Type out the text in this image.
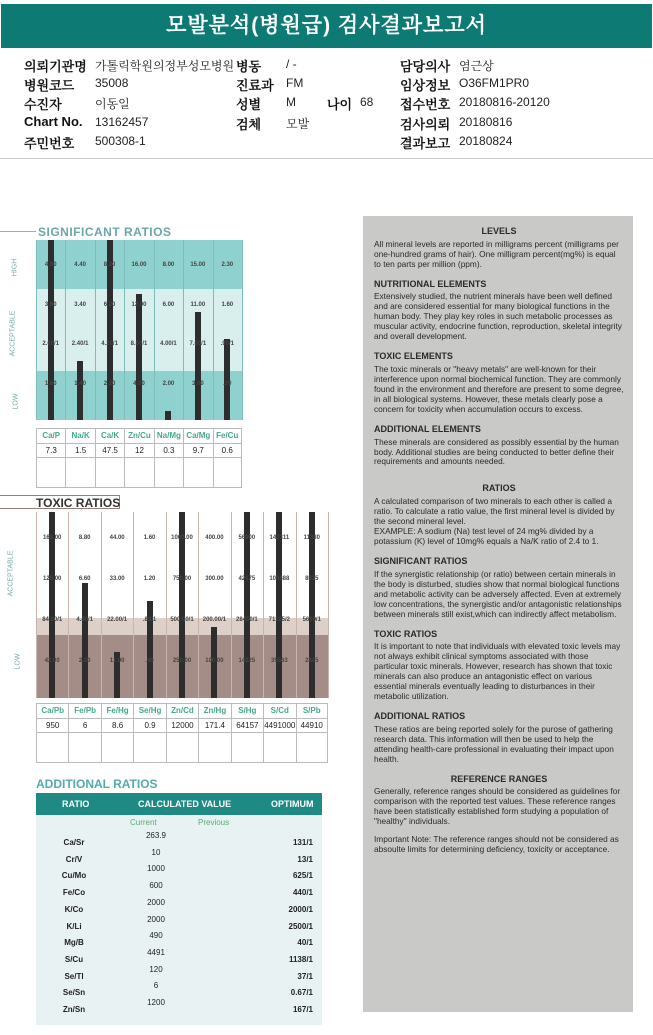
모발분석(병원급) 검사결과보고서
의뢰기관명 가톨릭학원의정부성모병원 병동 / -	담당의사 염근상
병원코드 35008	진료과 FM	임상정보 O36FM1PR0
수진자	이동일	성별 M 나이 68 접수번호 20180816-20120
Chart No. 13162457	검체 모발	검사의뢰 20180816
주민번호 500308-1	결과보고 20180824
SIGNIFICANT RATIOS
HIGH
ACCEPTABLE
LOW
4.60
3.60
2.60/1
1.60
4.40
3.40
2.40/1
1.40
8.20
6.20
4.20/1
2.20
16.00
12.00
8.00/1
4.00
8.00
6.00
4.00/1
2.00
15.00
11.00
7.00/1
3.00
2.30
1.60
.90/1
.20
Ca/P	Na/K	Ca/K	Zn/Cu Na/Mg Ca/Mg Fe/Cu
7.3	1.5	47.5	12	0.3	9.7	0.6
TOXIC RATIOS
ACCEPTABLE
LOW
168.00
126.00
84.00/1
42.00
8.80
6.60
4.40/1
2.20
44.00
33.00
22.00/1
11.00
1.60
1.20
.80/1
.40
1000.00
750.00
500.00/1
250.00
400.00
300.00
200.00/1
100.00
56900
42675
28450/1
14225
142311
106688
71125/2
35563
11380
8535
5690/1
2845
Ca/Pb	Fe/Pb	Fe/Hg	Se/Hg	Zn/Cd	Zn/Hg	S/Hg	S/Cd	S/Pb
950	6	8.6	0.9	12000	171.4	64157 4491000 44910
ADDITIONAL RATIOS
RATIO	CALCULATED VALUE	OPTIMUM
Current	Previous
Ca/Sr
263.9
131/1
Cr/V
10
13/1
Cu/Mo
1000
625/1
Fe/Co
600
440/1
K/Co
2000
2000/1
K/Li
2000
2500/1
Mg/B
490
40/1
S/Cu
4491
1138/1
Se/Tl
120
37/1
Se/Sn
6
0.67/1
Zn/Sn
1200
167/1
LEVELS

All mineral levels are reported in milligrams percent (milligrams per one-hundred grams of hair). One milligram percent(mg%) is equal to ten parts per million (ppm).

NUTRITIONAL ELEMENTS

Extensively studied, the nutrient minerals have been well defined and are considered essential for many biological functions in the human body. They play key roles in such metabolic processes as muscular activity, endocrine function, reproduction, skeletal integrity and overall development.

TOXIC ELEMENTS

The toxic minerals or "heavy metals" are well-known for their interference upon normal biochemical function. They are commonly found in the environment and therefore are present to some degree, in all biological systems. However, these metals clearly pose a concern for toxicity when accumulation occurs to excess.

ADDITIONAL ELEMENTS

These minerals are considered as possibly essential by the human body. Additional studies are being conducted to better define their requirements and amounts needed.

RATIOS

A calculated comparison of two minerals to each other is called a ratio. To calculate a ratio value, the first mineral level is divided by the second mineral level.

EXAMPLE: A sodium (Na) test level of 24 mg% divided by a potassium (K) level of 10mg% equals a Na/K ratio of 2.4 to 1.

SIGNIFICANT RATIOS

If the synergistic relationship (or ratio) between certain minerals in the body is disturbed, studies show that normal biological functions and metabolic activity can be adversely affected. Even at extremely low concentrations, the synergistic and/or antagonistic relationships between minerals still exist,which can indirectly affect metabolism.

TOXIC RATIOS

It is important to note that individuals with elevated toxic levels may not always exhibit clinical symptoms associated with those particular toxic minerals. However, research has shown that toxic minerals can also produce an antagonistic effect on various essential minerals eventually leading to disturbances in their metabolic utilization.

ADDITIONAL RATIOS

These ratios are being reported solely for the purose of gathering research data. This information will then be used to help the attending health-care professional in evaluating their impact upon health.

REFERENCE RANGES

Generally, reference ranges should be considered as guidelines for comparison with the reported test values. These reference ranges have been statistically established form studying a population of "healthy" individuals.

Important Note: The reference ranges should not be considered as absoulte limits for determining deficiency, toxicity or acceptance.
